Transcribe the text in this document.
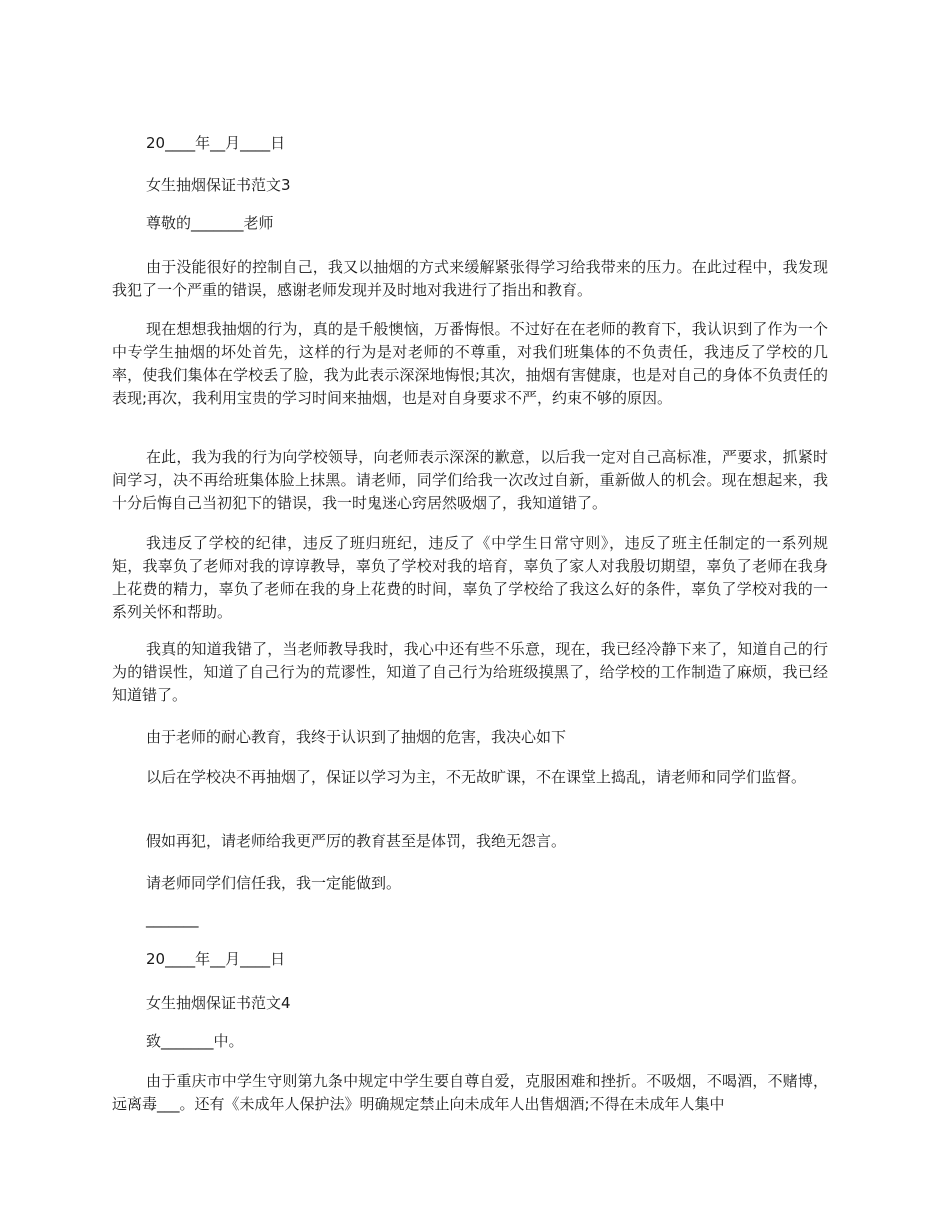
20____年__月____日
女生抽烟保证书范文3
尊敬的_______老师
由于没能很好的控制自己，我又以抽烟的方式来缓解紧张得学习给我带来的压力。在此过程中，我发现我犯了一个严重的错误，感谢老师发现并及时地对我进行了指出和教育。
现在想想我抽烟的行为，真的是千般懊恼，万番悔恨。不过好在在老师的教育下，我认识到了作为一个中专学生抽烟的坏处首先，这样的行为是对老师的不尊重，对我们班集体的不负责任，我违反了学校的几率，使我们集体在学校丢了脸，我为此表示深深地悔恨;其次，抽烟有害健康，也是对自己的身体不负责任的表现;再次，我利用宝贵的学习时间来抽烟，也是对自身要求不严，约束不够的原因。
在此，我为我的行为向学校领导，向老师表示深深的歉意，以后我一定对自己高标准，严要求，抓紧时间学习，决不再给班集体脸上抹黑。请老师，同学们给我一次改过自新，重新做人的机会。现在想起来，我十分后悔自己当初犯下的错误，我一时鬼迷心窍居然吸烟了，我知道错了。
我违反了学校的纪律，违反了班归班纪，违反了《中学生日常守则》，违反了班主任制定的一系列规矩，我辜负了老师对我的谆谆教导，辜负了学校对我的培育，辜负了家人对我殷切期望，辜负了老师在我身上花费的精力，辜负了老师在我的身上花费的时间，辜负了学校给了我这么好的条件，辜负了学校对我的一系列关怀和帮助。
我真的知道我错了，当老师教导我时，我心中还有些不乐意，现在，我已经冷静下来了，知道自己的行为的错误性，知道了自己行为的荒谬性，知道了自己行为给班级摸黑了，给学校的工作制造了麻烦，我已经知道错了。
由于老师的耐心教育，我终于认识到了抽烟的危害，我决心如下
以后在学校决不再抽烟了，保证以学习为主，不无故旷课，不在课堂上捣乱，请老师和同学们监督。
假如再犯，请老师给我更严厉的教育甚至是体罚，我绝无怨言。
请老师同学们信任我，我一定能做到。
_______
20____年__月____日
女生抽烟保证书范文4
致_______中。
由于重庆市中学生守则第九条中规定中学生要自尊自爱，克服困难和挫折。不吸烟，不喝酒，不赌博，远离毒___。还有《未成年人保护法》明确规定禁止向未成年人出售烟酒;不得在未成年人集中
